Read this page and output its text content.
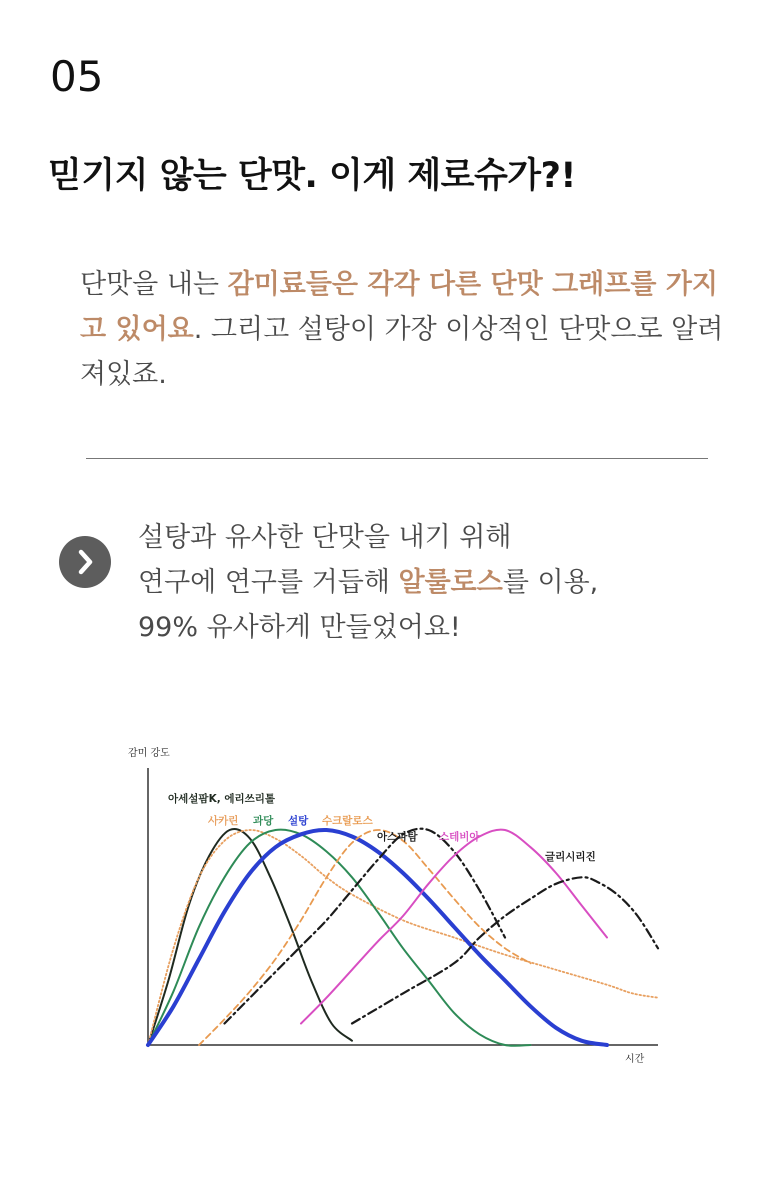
05
믿기지 않는 단맛. 이게 제로슈가?!
단맛을 내는 감미료들은 각각 다른 단맛 그래프를 가지고 있어요. 그리고 설탕이 가장 이상적인 단맛으로 알려져있죠.
설탕과 유사한 단맛을 내기 위해
연구에 연구를 거듭해 알룰로스를 이용,
99% 유사하게 만들었어요!
감미 강도
시간
아세설팜K, 에리쓰리톨
사카린 과당 설탕 수크랄로스
아스파탐 스테비아
글리시리진
